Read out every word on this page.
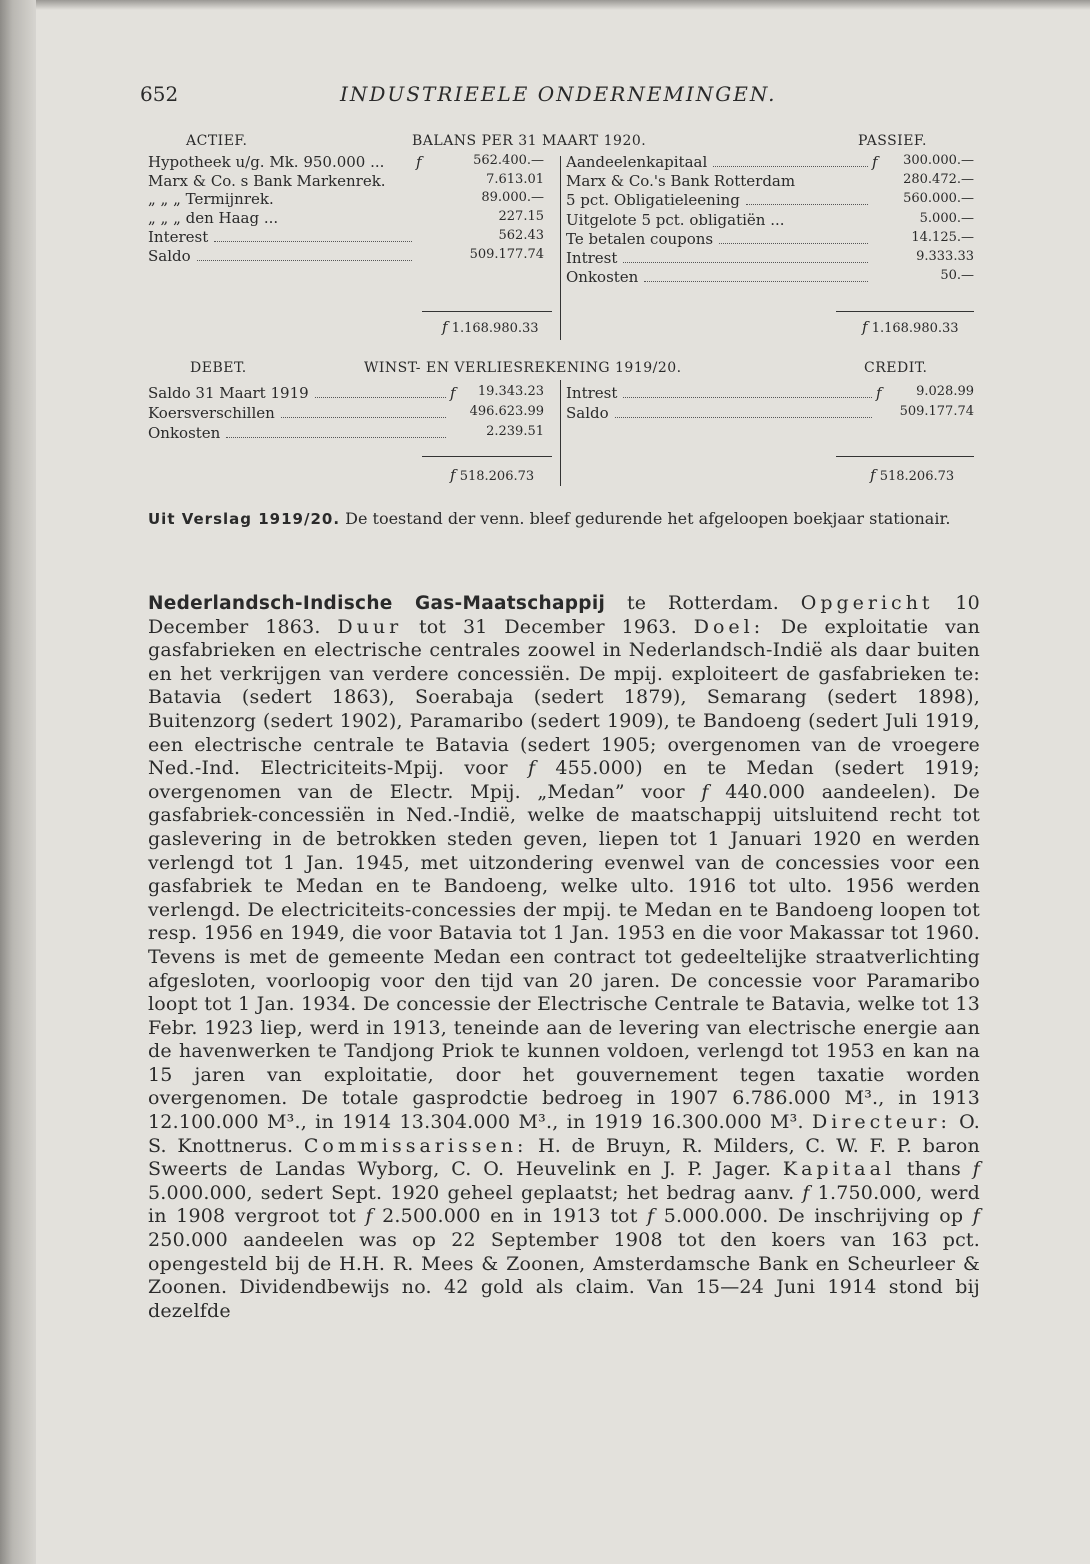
652	INDUSTRIEELE ONDERNEMINGEN.
ACTIEF.	BALANS PER 31 MAART 1920.	PASSIEF.
Hypotheek u/g. Mk. 950.000 ... f	562.400.—
Marx & Co. s Bank Markenrek.	7.613.01
„ „ „ Termijnrek.	89.000.—
„ „ „ den Haag ...	227.15
Interest	562.43
Saldo	509.177.74
Aandeelenkapitaal	f 300.000.—
Marx & Co.'s Bank Rotterdam	280.472.—
5 pct. Obligatieleening	560.000.—
Uitgelote 5 pct. obligatiën ...	5.000.—
Te betalen coupons	14.125.—
Intrest	9.333.33
Onkosten	50.—
f 1.168.980.33	f 1.168.980.33
DEBET.	WINST- EN VERLIESREKENING 1919/20.	CREDIT.
Saldo 31 Maart 1919	f 19.343.23
Koersverschillen	496.623.99
Onkosten	2.239.51
Intrest	f	9.028.99
Saldo	509.177.74
f 518.206.73	f 518.206.73
Uit Verslag 1919/20. De toestand der venn. bleef gedurende het afgeloopen boekjaar stationair.
Nederlandsch-Indische Gas-Maatschappij te Rotterdam. Opgericht 10 December 1863. Duur tot 31 December 1963. Doel: De exploitatie van gasfabrieken en electrische centrales zoowel in Nederlandsch-Indië als daar buiten en het verkrijgen van verdere concessiën. De mpij. exploiteert de gasfabrieken te: Batavia (sedert 1863), Soerabaja (sedert 1879), Semarang (sedert 1898), Buitenzorg (sedert 1902), Paramaribo (sedert 1909), te Bandoeng (sedert Juli 1919, een electrische centrale te Batavia (sedert 1905; overgenomen van de vroegere Ned.-Ind. Electriciteits-Mpij. voor f 455.000) en te Medan (sedert 1919; overgenomen van de Electr. Mpij. „Medan” voor f 440.000 aandeelen). De gasfabriek-concessiën in Ned.-Indië, welke de maatschappij uitsluitend recht tot gaslevering in de betrokken steden geven, liepen tot 1 Januari 1920 en werden verlengd tot 1 Jan. 1945, met uitzondering evenwel van de concessies voor een gasfabriek te Medan en te Bandoeng, welke ulto. 1916 tot ulto. 1956 werden verlengd. De electriciteits-concessies der mpij. te Medan en te Bandoeng loopen tot resp. 1956 en 1949, die voor Batavia tot 1 Jan. 1953 en die voor Makassar tot 1960. Tevens is met de gemeente Medan een contract tot gedeeltelijke straatverlichting afgesloten, voorloopig voor den tijd van 20 jaren. De concessie voor Paramaribo loopt tot 1 Jan. 1934. De concessie der Electrische Centrale te Batavia, welke tot 13 Febr. 1923 liep, werd in 1913, teneinde aan de levering van electrische energie aan de havenwerken te Tandjong Priok te kunnen voldoen, verlengd tot 1953 en kan na 15 jaren van exploitatie, door het gouvernement tegen taxatie worden overgenomen. De totale gasprodctie bedroeg in 1907 6.786.000 M³., in 1913 12.100.000 M³., in 1914 13.304.000 M³., in 1919 16.300.000 M³. Directeur: O. S. Knottnerus. Commissarissen: H. de Bruyn, R. Milders, C. W. F. P. baron Sweerts de Landas Wyborg, C. O. Heuvelink en J. P. Jager. Kapitaal thans f 5.000.000, sedert Sept. 1920 geheel geplaatst; het bedrag aanv. f 1.750.000, werd in 1908 vergroot tot f 2.500.000 en in 1913 tot f 5.000.000. De inschrijving op f 250.000 aandeelen was op 22 September 1908 tot den koers van 163 pct. opengesteld bij de H.H. R. Mees & Zoonen, Amsterdamsche Bank en Scheurleer & Zoonen. Dividendbewijs no. 42 gold als claim. Van 15—24 Juni 1914 stond bij dezelfde
